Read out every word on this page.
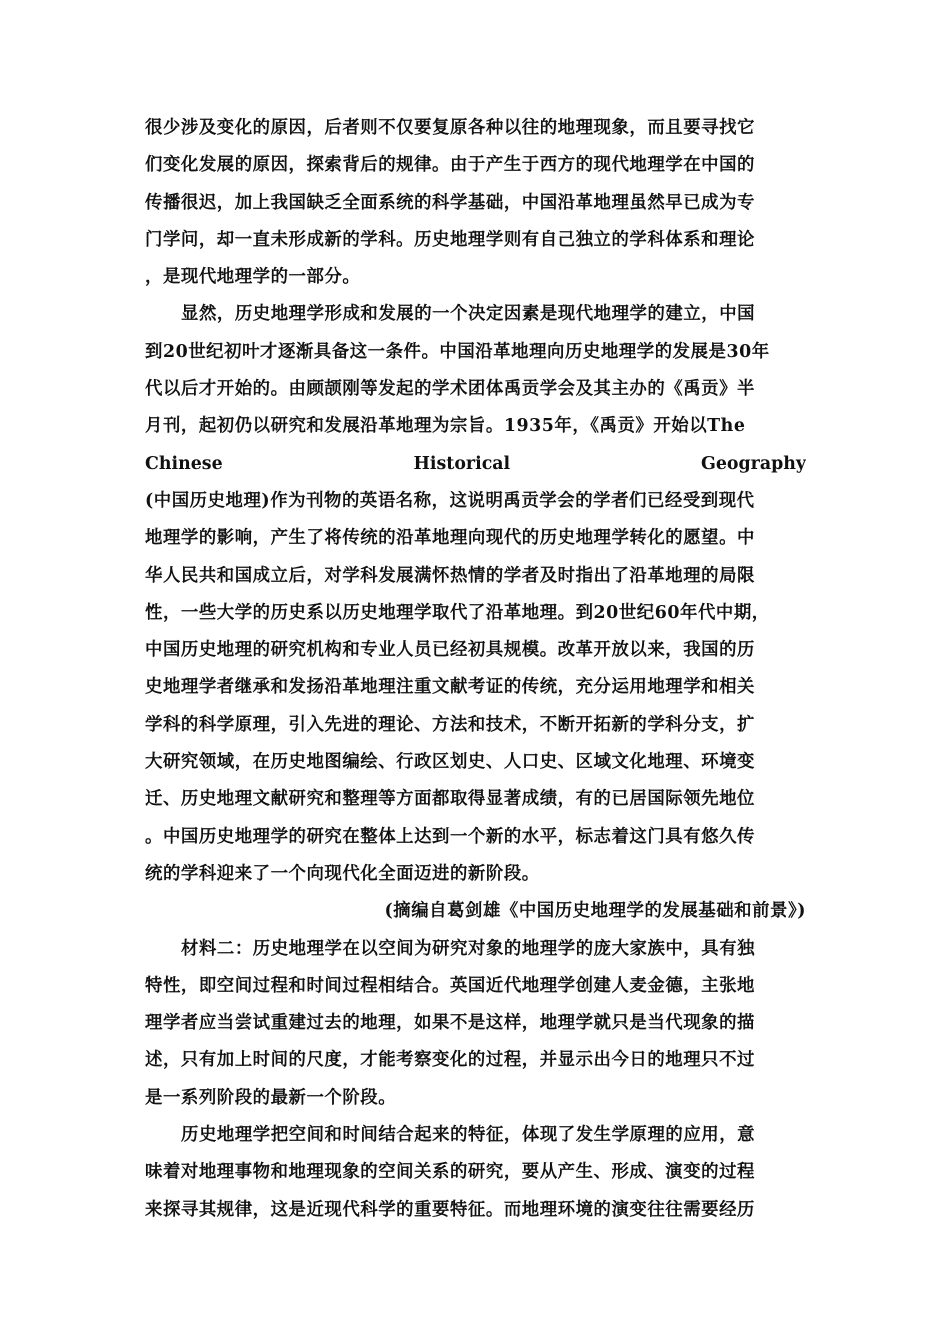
很少涉及变化的原因，后者则不仅要复原各种以往的地理现象，而且要寻找它
们变化发展的原因，探索背后的规律。由于产生于西方的现代地理学在中国的
传播很迟，加上我国缺乏全面系统的科学基础，中国沿革地理虽然早已成为专
门学问，却一直未形成新的学科。历史地理学则有自己独立的学科体系和理论
，是现代地理学的一部分。
显然，历史地理学形成和发展的一个决定因素是现代地理学的建立，中国
到20世纪初叶才逐渐具备这一条件。中国沿革地理向历史地理学的发展是30年
代以后才开始的。由顾颉刚等发起的学术团体禹贡学会及其主办的《禹贡》半
月刊，起初仍以研究和发展沿革地理为宗旨。1935年，《禹贡》开始以The
Chinese	Historical	Geography
(中国历史地理)作为刊物的英语名称，这说明禹贡学会的学者们已经受到现代
地理学的影响，产生了将传统的沿革地理向现代的历史地理学转化的愿望。中
华人民共和国成立后，对学科发展满怀热情的学者及时指出了沿革地理的局限
性，一些大学的历史系以历史地理学取代了沿革地理。到20世纪60年代中期，
中国历史地理的研究机构和专业人员已经初具规模。改革开放以来，我国的历
史地理学者继承和发扬沿革地理注重文献考证的传统，充分运用地理学和相关
学科的科学原理，引入先进的理论、方法和技术，不断开拓新的学科分支，扩
大研究领域，在历史地图编绘、行政区划史、人口史、区域文化地理、环境变
迁、历史地理文献研究和整理等方面都取得显著成绩，有的已居国际领先地位
。中国历史地理学的研究在整体上达到一个新的水平，标志着这门具有悠久传
统的学科迎来了一个向现代化全面迈进的新阶段。
(摘编自葛剑雄《中国历史地理学的发展基础和前景》)
材料二：历史地理学在以空间为研究对象的地理学的庞大家族中，具有独
特性，即空间过程和时间过程相结合。英国近代地理学创建人麦金德，主张地
理学者应当尝试重建过去的地理，如果不是这样，地理学就只是当代现象的描
述，只有加上时间的尺度，才能考察变化的过程，并显示出今日的地理只不过
是一系列阶段的最新一个阶段。
历史地理学把空间和时间结合起来的特征，体现了发生学原理的应用，意
味着对地理事物和地理现象的空间关系的研究，要从产生、形成、演变的过程
来探寻其规律，这是近现代科学的重要特征。而地理环境的演变往往需要经历
